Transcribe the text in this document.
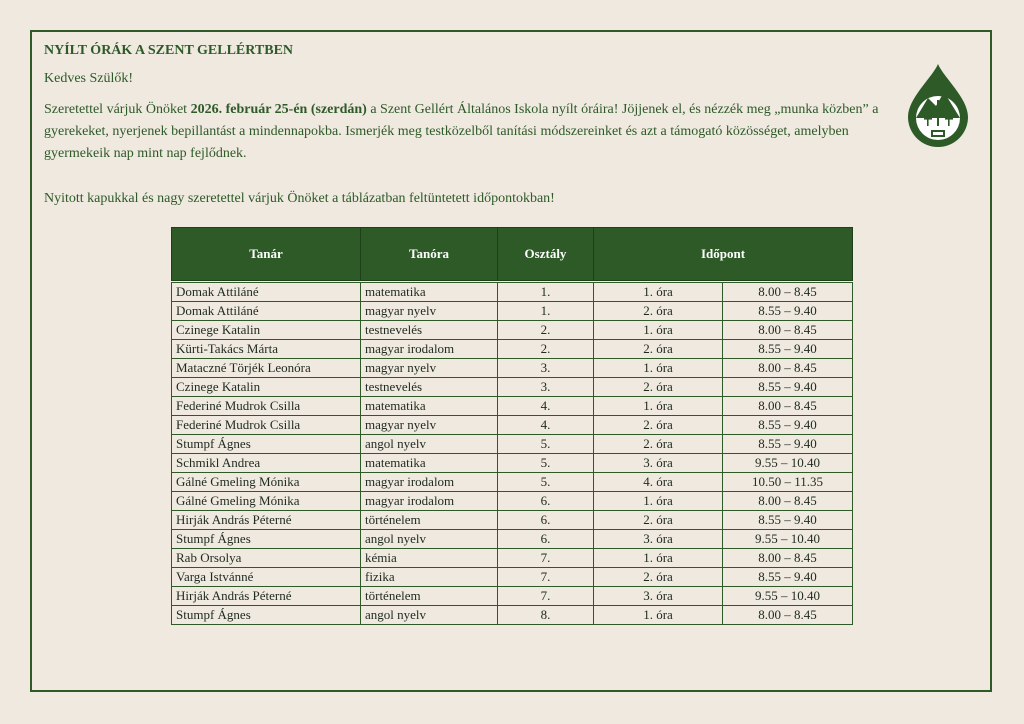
NYÍLT ÓRÁK A SZENT GELLÉRTBEN
Kedves Szülők!
Szeretettel várjuk Önöket 2026. február 25-én (szerdán) a Szent Gellért Általános Iskola nyílt óráira! Jöjjenek el, és nézzék meg „munka közben” a gyerekeket, nyerjenek bepillantást a mindennapokba. Ismerjék meg testközelből tanítási módszereinket és azt a támogató közösséget, amelyben gyermekeik nap mint nap fejlődnek.
Nyitott kapukkal és nagy szeretettel várjuk Önöket a táblázatban feltüntetett időpontokban!
Tanár	Tanóra	Osztály	Időpont	

Domak Attiláné	matematika	1.	1. óra	8.00 – 8.45
Domak Attiláné	magyar nyelv	1.	2. óra	8.55 – 9.40
Czinege Katalin	testnevelés	2.	1. óra	8.00 – 8.45
Kürti-Takács Márta	magyar irodalom	2.	2. óra	8.55 – 9.40
Mataczné Törjék Leonóra	magyar nyelv	3.	1. óra	8.00 – 8.45
Czinege Katalin	testnevelés	3.	2. óra	8.55 – 9.40
Federiné Mudrok Csilla	matematika	4.	1. óra	8.00 – 8.45
Federiné Mudrok Csilla	magyar nyelv	4.	2. óra	8.55 – 9.40
Stumpf Ágnes	angol nyelv	5.	2. óra	8.55 – 9.40
Schmikl Andrea	matematika	5.	3. óra	9.55 – 10.40
Gálné Gmeling Mónika	magyar irodalom	5.	4. óra	10.50 – 11.35
Gálné Gmeling Mónika	magyar irodalom	6.	1. óra	8.00 – 8.45
Hirják András Péterné	történelem	6.	2. óra	8.55 – 9.40
Stumpf Ágnes	angol nyelv	6.	3. óra	9.55 – 10.40
Rab Orsolya	kémia	7.	1. óra	8.00 – 8.45
Varga Istvánné	fizika	7.	2. óra	8.55 – 9.40
Hirják András Péterné	történelem	7.	3. óra	9.55 – 10.40
Stumpf Ágnes	angol nyelv	8.	1. óra	8.00 – 8.45
